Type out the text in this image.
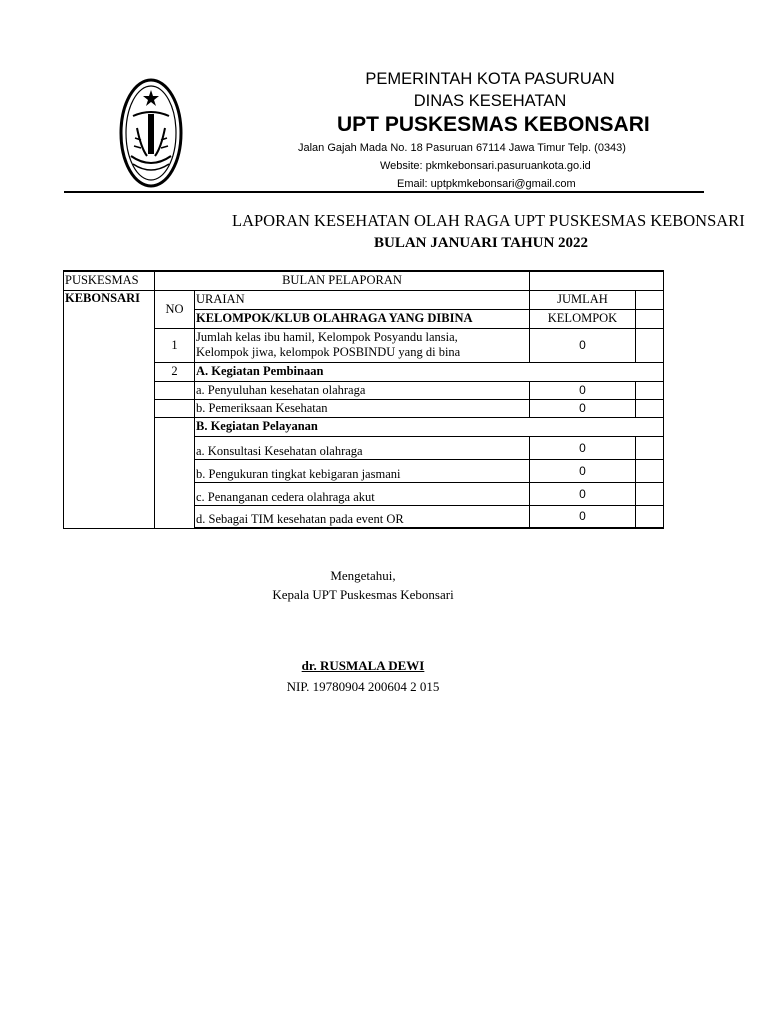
PEMERINTAH KOTA PASURUAN
DINAS KESEHATAN
UPT PUSKESMAS KEBONSARI
Jalan Gajah Mada No. 18 Pasuruan 67114 Jawa Timur Telp. (0343)
Website: pkmkebonsari.pasuruankota.go.id
Email: uptpkmkebonsari@gmail.com
LAPORAN KESEHATAN OLAH RAGA UPT PUSKESMAS KEBONSARI
BULAN JANUARI TAHUN 2022
PUSKESMAS	BULAN PELAPORAN			
KEBONSARI	NO	URAIAN	JUMLAH	
		KELOMPOK/KLUB OLAHRAGA YANG DIBINA	KELOMPOK	
	1	Jumlah kelas ibu hamil, Kelompok Posyandu lansia,
Kelompok jiwa, kelompok POSBINDU yang di bina	0	
	2	A. Kegiatan Pembinaan		
		a. Penyuluhan kesehatan olahraga	0	
		b. Pemeriksaan Kesehatan	0	
		B. Kegiatan Pelayanan		
		a. Konsultasi Kesehatan olahraga	0	
		b. Pengukuran tingkat kebigaran jasmani	0	
		c. Penanganan cedera olahraga akut	0	
		d. Sebagai TIM kesehatan pada event OR	0	
Mengetahui,
Kepala UPT Puskesmas Kebonsari
dr. RUSMALA DEWI
NIP. 19780904 200604 2 015
